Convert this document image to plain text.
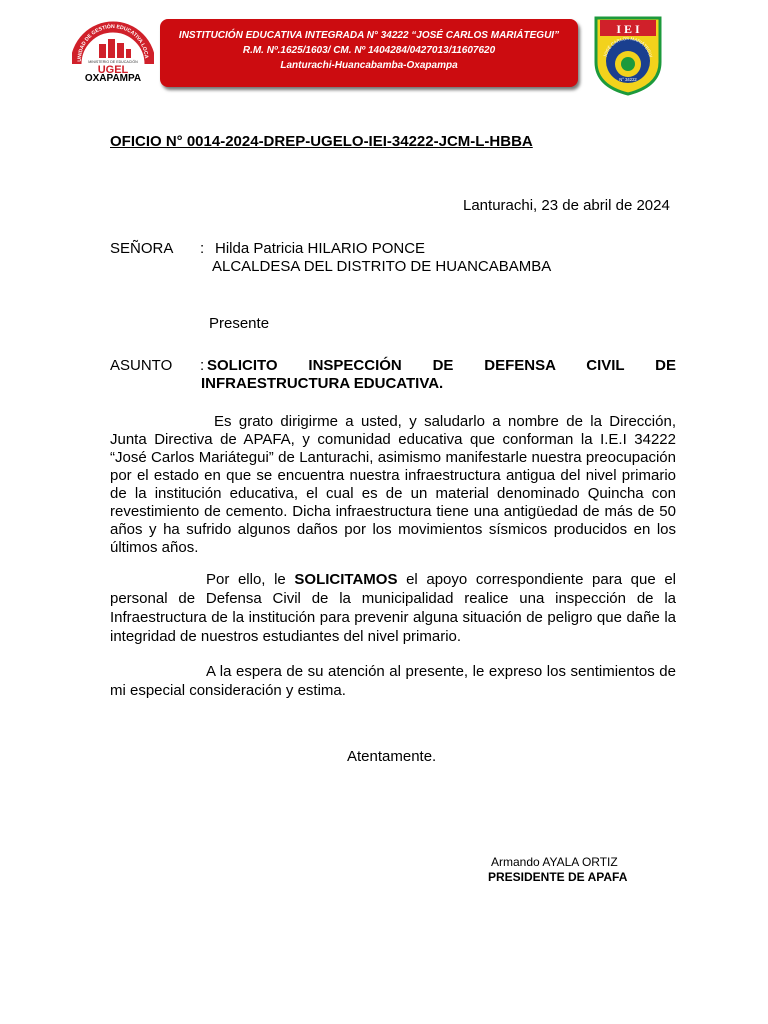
UNIDAD DE GESTIÓN EDUCATIVA LOCA
MINISTERIO DE EDUCACIÓN
UGEL
OXAPAMPA
INSTITUCIÓN EDUCATIVA INTEGRADA N° 34222 “JOSÉ CARLOS MARIÁTEGUI”
R.M. Nº.1625/1603/ CM. Nº 1404284/0427013/11607620
Lanturachi-Huancabamba-Oxapampa
I E I
JOSÉ CARLOS MARIÁTEGUI
N° 34222
OFICIO N° 0014-2024-DREP-UGELO-IEI-34222-JCM-L-HBBA
Lanturachi, 23 de abril de 2024
SEÑORA : Hilda Patricia HILARIO PONCE
ALCALDESA DEL DISTRITO DE HUANCABAMBA
Presente
ASUNTO : SOLICITO INSPECCIÓN DE DEFENSA CIVIL DE
INFRAESTRUCTURA EDUCATIVA.
Es grato dirigirme a usted, y saludarlo a nombre de la Dirección, Junta Directiva de APAFA, y comunidad educativa que conforman la I.E.I 34222 “José Carlos Mariátegui” de Lanturachi, asimismo manifestarle nuestra preocupación por el estado en que se encuentra nuestra infraestructura antigua del nivel primario de la institución educativa, el cual es de un material denominado Quincha con revestimiento de cemento. Dicha infraestructura tiene una antigüedad de más de 50 años y ha sufrido algunos daños por los movimientos sísmicos producidos en los últimos años.
Por ello, le SOLICITAMOS el apoyo correspondiente para que el personal de Defensa Civil de la municipalidad realice una inspección de la Infraestructura de la institución para prevenir alguna situación de peligro que dañe la integridad de nuestros estudiantes del nivel primario.
A la espera de su atención al presente, le expreso los sentimientos de mi especial consideración y estima.
Atentamente.
Armando AYALA ORTIZ
PRESIDENTE DE APAFA
